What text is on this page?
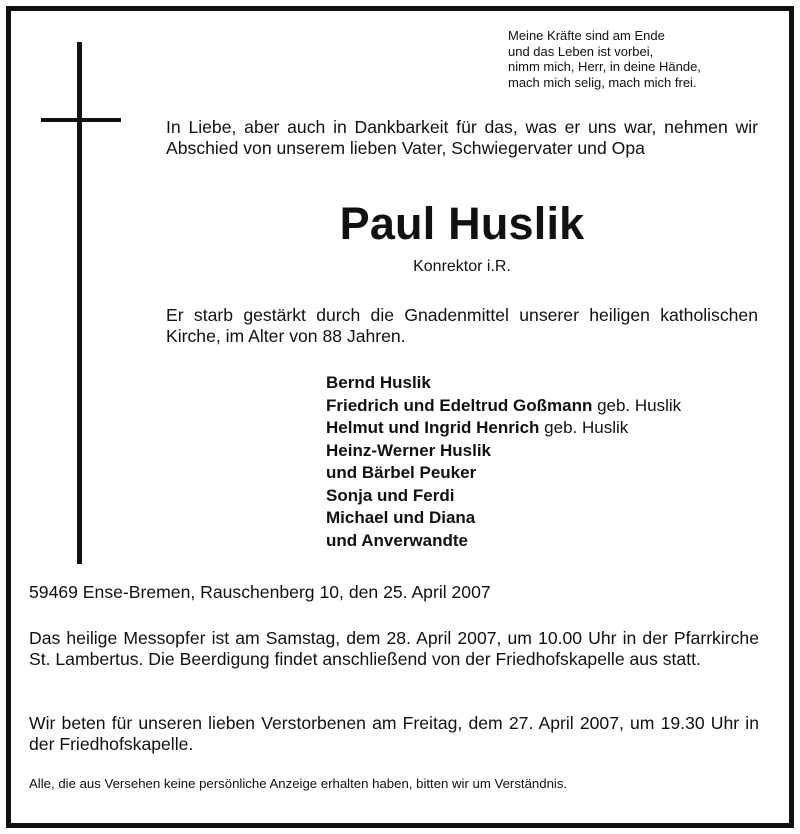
Meine Kräfte sind am Ende
und das Leben ist vorbei,
nimm mich, Herr, in deine Hände,
mach mich selig, mach mich frei.
In Liebe, aber auch in Dankbarkeit für das, was er uns war, nehmen wir Abschied von unserem lieben Vater, Schwiegervater und Opa
Paul Huslik
Konrektor i.R.
Er starb gestärkt durch die Gnadenmittel unserer heiligen katholischen Kirche, im Alter von 88 Jahren.
Bernd Huslik
Friedrich und Edeltrud Goßmann geb. Huslik
Helmut und Ingrid Henrich geb. Huslik
Heinz-Werner Huslik
und Bärbel Peuker
Sonja und Ferdi
Michael und Diana
und Anverwandte
59469 Ense-Bremen, Rauschenberg 10, den 25. April 2007
Das heilige Messopfer ist am Samstag, dem 28. April 2007, um 10.00 Uhr in der Pfarrkirche St. Lambertus. Die Beerdigung findet anschließend von der Friedhofskapelle aus statt.
Wir beten für unseren lieben Verstorbenen am Freitag, dem 27. April 2007, um 19.30 Uhr in der Friedhofskapelle.
Alle, die aus Versehen keine persönliche Anzeige erhalten haben, bitten wir um Verständnis.
